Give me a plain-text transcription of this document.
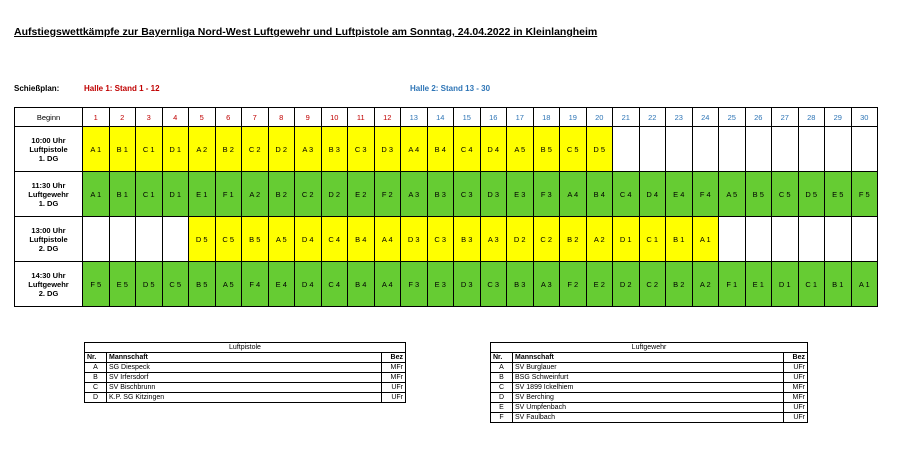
Aufstiegswettkämpfe zur Bayernliga Nord-West Luftgewehr und Luftpistole am Sonntag, 24.04.2022 in Kleinlangheim
Schießplan:	Halle 1: Stand 1 - 12	Halle 2: Stand 13 - 30
Beginn	1	2	3	4	5	6	7	8	9	10	11	12	13	14	15	16	17	18	19	20	21	22	23	24	25	26	27	28	29	30

10:00 Uhr
Luftpistole
1. DG	A 1	B 1	C 1	D 1	A 2	B 2	C 2	D 2	A 3	B 3	C 3	D 3	A 4	B 4	C 4	D 4	A 5	B 5	C 5	D 5										

11:30 Uhr
Luftgewehr
1. DG	A 1	B 1	C 1	D 1	E 1	F 1	A 2	B 2	C 2	D 2	E 2	F 2	A 3	B 3	C 3	D 3	E 3	F 3	A 4	B 4	C 4	D 4	E 4	F 4	A 5	B 5	C 5	D 5	E 5	F 5

13:00 Uhr
Luftpistole
2. DG					D 5	C 5	B 5	A 5	D 4	C 4	B 4	A 4	D 3	C 3	B 3	A 3	D 2	C 2	B 2	A 2	D 1	C 1	B 1	A 1						

14:30 Uhr
Luftgewehr
2. DG	F 5	E 5	D 5	C 5	B 5	A 5	F 4	E 4	D 4	C 4	B 4	A 4	F 3	E 3	D 3	C 3	B 3	A 3	F 2	E 2	D 2	C 2	B 2	A 2	F 1	E 1	D 1	C 1	B 1	A 1
Luftpistole		
Nr.	Mannschaft	Bez
A	SG Diespeck	MFr
B	SV Irfersdorf	MFr
C	SV Bischbrunn	UFr
D	K.P. SG Kitzingen	UFr
Luftgewehr		
Nr.	Mannschaft	Bez
A	SV Burglauer	UFr
B	BSG Schweinfurt	UFr
C	SV 1899 Ickelhiem	MFr
D	SV Berching	MFr
E	SV Umpfenbach	UFr
F	SV Faulbach	UFr
